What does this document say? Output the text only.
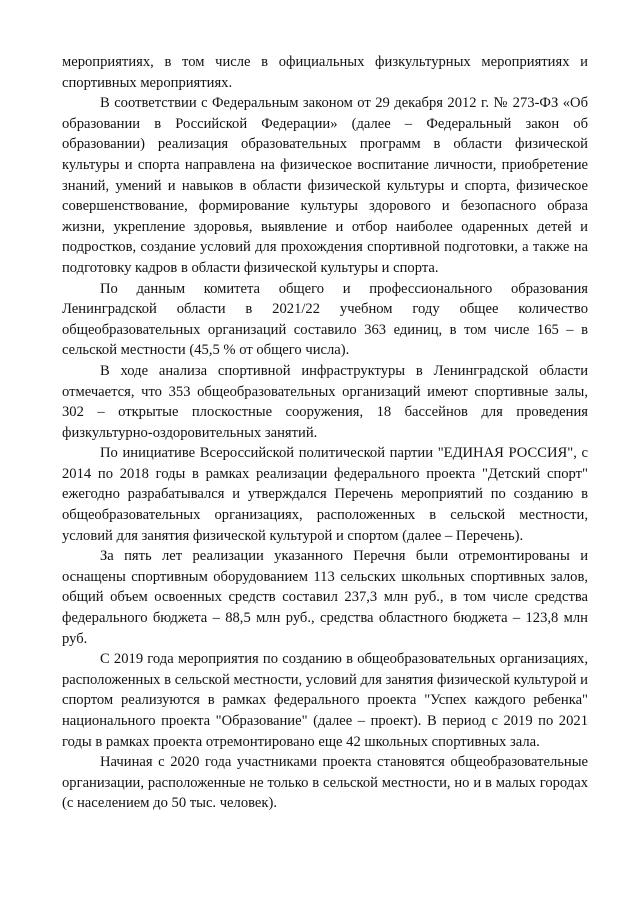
мероприятиях, в том числе в официальных физкультурных мероприятиях и спортивных мероприятиях.

В соответствии с Федеральным законом от 29 декабря 2012 г. № 273-ФЗ «Об образовании в Российской Федерации» (далее – Федеральный закон об образовании) реализация образовательных программ в области физической культуры и спорта направлена на физическое воспитание личности, приобретение знаний, умений и навыков в области физической культуры и спорта, физическое совершенствование, формирование культуры здорового и безопасного образа жизни, укрепление здоровья, выявление и отбор наиболее одаренных детей и подростков, создание условий для прохождения спортивной подготовки, а также на подготовку кадров в области физической культуры и спорта.

По данным комитета общего и профессионального образования Ленинградской области в 2021/22 учебном году общее количество общеобразовательных организаций составило 363 единиц, в том числе 165 – в сельской местности (45,5 % от общего числа).

В ходе анализа спортивной инфраструктуры в Ленинградской области отмечается, что 353 общеобразовательных организаций имеют спортивные залы, 302 – открытые плоскостные сооружения, 18 бассейнов для проведения физкультурно-оздоровительных занятий.

По инициативе Всероссийской политической партии "ЕДИНАЯ РОССИЯ", с 2014 по 2018 годы в рамках реализации федерального проекта "Детский спорт" ежегодно разрабатывался и утверждался Перечень мероприятий по созданию в общеобразовательных организациях, расположенных в сельской местности, условий для занятия физической культурой и спортом (далее – Перечень).

За пять лет реализации указанного Перечня были отремонтированы и оснащены спортивным оборудованием 113 сельских школьных спортивных залов, общий объем освоенных средств составил 237,3 млн руб., в том числе средства федерального бюджета – 88,5 млн руб., средства областного бюджета – 123,8 млн руб.

С 2019 года мероприятия по созданию в общеобразовательных организациях, расположенных в сельской местности, условий для занятия физической культурой и спортом реализуются в рамках федерального проекта "Успех каждого ребенка" национального проекта "Образование" (далее – проект). В период с 2019 по 2021 годы в рамках проекта отремонтировано еще 42 школьных спортивных зала.

Начиная с 2020 года участниками проекта становятся общеобразовательные организации, расположенные не только в сельской местности, но и в малых городах (с населением до 50 тыс. человек).
